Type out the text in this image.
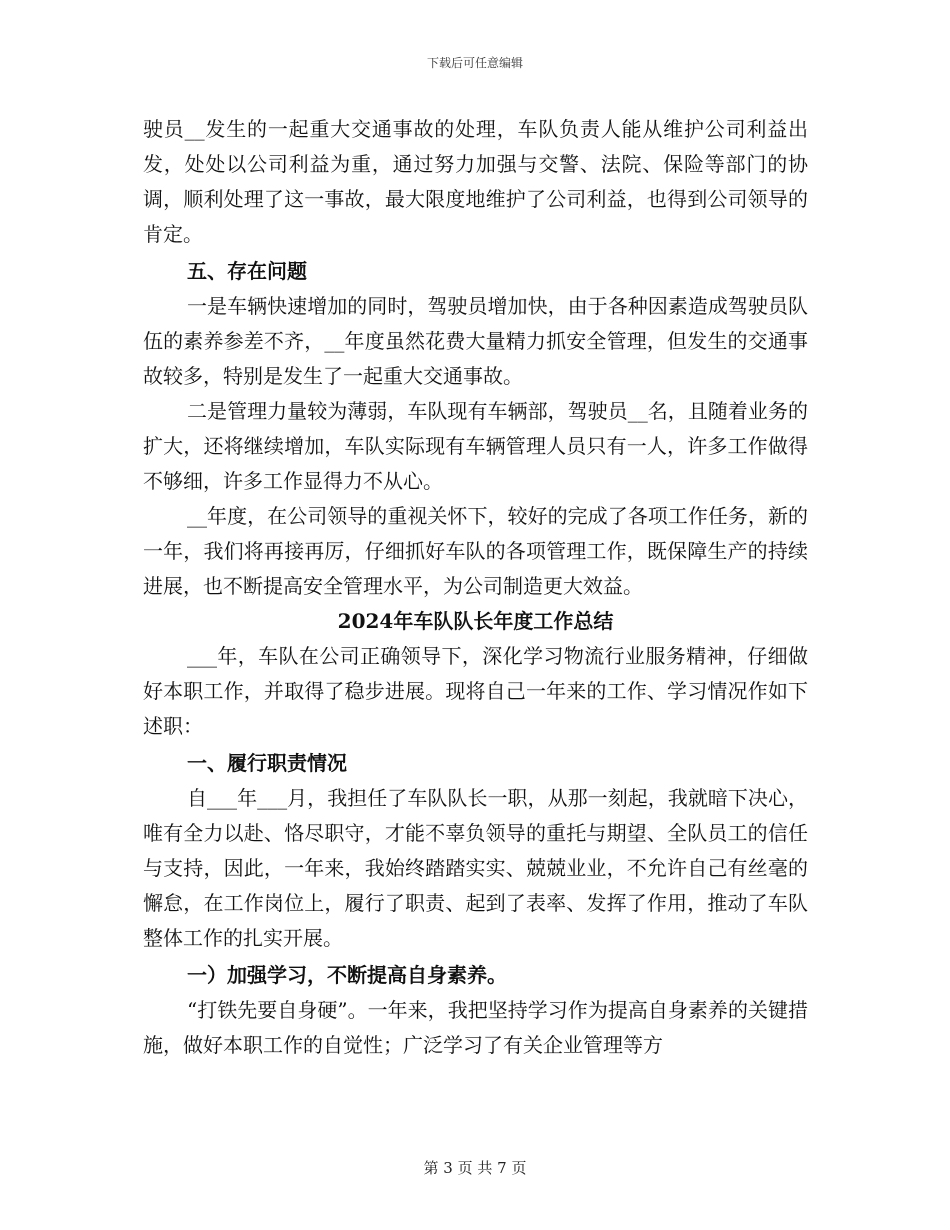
下载后可任意编辑

驶员__发生的一起重大交通事故的处理，车队负责人能从维护公司利益出发，处处以公司利益为重，通过努力加强与交警、法院、保险等部门的协调，顺利处理了这一事故，最大限度地维护了公司利益，也得到公司领导的肯定。

五、存在问题

一是车辆快速增加的同时，驾驶员增加快，由于各种因素造成驾驶员队伍的素养参差不齐，__年度虽然花费大量精力抓安全管理，但发生的交通事故较多，特别是发生了一起重大交通事故。

二是管理力量较为薄弱，车队现有车辆部，驾驶员__名，且随着业务的扩大，还将继续增加，车队实际现有车辆管理人员只有一人，许多工作做得不够细，许多工作显得力不从心。

__年度，在公司领导的重视关怀下，较好的完成了各项工作任务，新的一年，我们将再接再厉，仔细抓好车队的各项管理工作，既保障生产的持续进展，也不断提高安全管理水平，为公司制造更大效益。

2024年车队队长年度工作总结

___年，车队在公司正确领导下，深化学习物流行业服务精神，仔细做好本职工作，并取得了稳步进展。现将自己一年来的工作、学习情况作如下述职：

一、履行职责情况

自___年___月，我担任了车队队长一职，从那一刻起，我就暗下决心，唯有全力以赴、恪尽职守，才能不辜负领导的重托与期望、全队员工的信任与支持，因此，一年来，我始终踏踏实实、兢兢业业，不允许自己有丝毫的懈怠，在工作岗位上，履行了职责、起到了表率、发挥了作用，推动了车队整体工作的扎实开展。

一）加强学习，不断提高自身素养。

“打铁先要自身硬”。一年来，我把坚持学习作为提高自身素养的关键措施，做好本职工作的自觉性；广泛学习了有关企业管理等方

第 3 页 共 7 页
